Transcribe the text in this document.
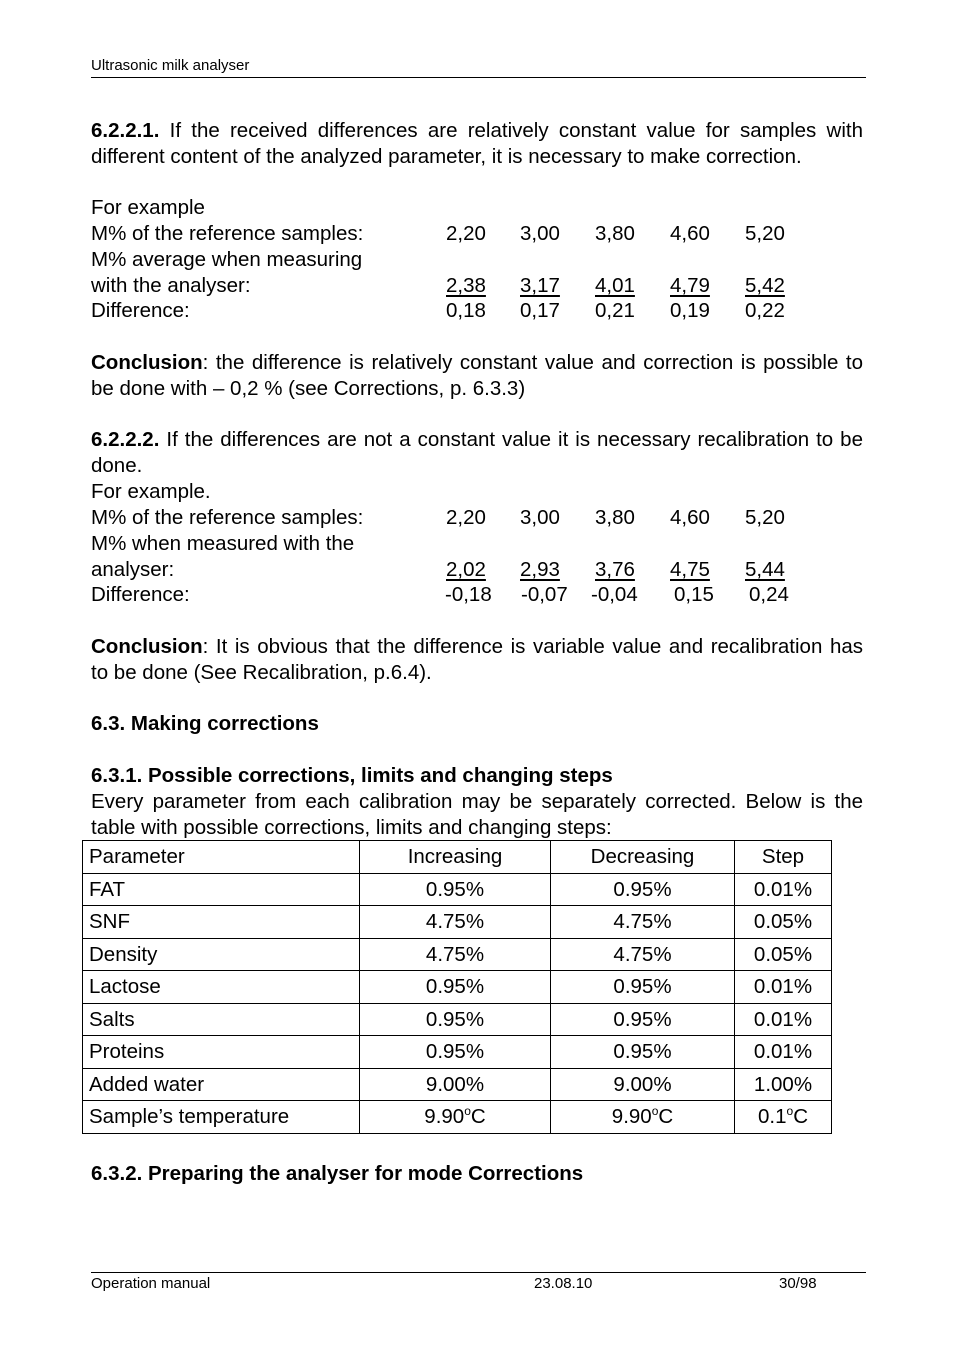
Ultrasonic milk analyser
6.2.2.1. If the received differences are relatively constant value for samples with different content of the analyzed parameter, it is necessary to make correction.
For example
M% of the reference samples:	2,20 3,00 3,80 4,60 5,20
M% average when measuring
with the analyser:	2,38 3,17 4,01 4,79 5,42
Difference:	0,18 0,17 0,21 0,19 0,22
Conclusion: the difference is relatively constant value and correction is possible to be done with – 0,2 % (see Corrections, p. 6.3.3)
6.2.2.2. If the differences are not a constant value it is necessary recalibration to be done.
For example.
M% of the reference samples:	2,20 3,00 3,80 4,60 5,20
M% when measured with the
analyser:	2,02 2,93 3,76 4,75 5,44
Difference:	-0,18 -0,07 -0,04 0,15 0,24
Conclusion: It is obvious that the difference is variable value and recalibration has to be done (See Recalibration, p.6.4).
6.3. Making corrections
6.3.1. Possible corrections, limits and changing steps
Every parameter from each calibration may be separately corrected. Below is the table with possible corrections, limits and changing steps:
Parameter	Increasing	Decreasing	Step
FAT	0.95%	0.95%	0.01%
SNF	4.75%	4.75%	0.05%
Density	4.75%	4.75%	0.05%
Lactose	0.95%	0.95%	0.01%
Salts	0.95%	0.95%	0.01%
Proteins	0.95%	0.95%	0.01%
Added water	9.00%	9.00%	1.00%
Sample’s temperature	9.90$^o$C	9.90$^o$C	0.1$^o$C
6.3.2. Preparing the analyser for mode Corrections
Operation manual	23.08.10	30/98
